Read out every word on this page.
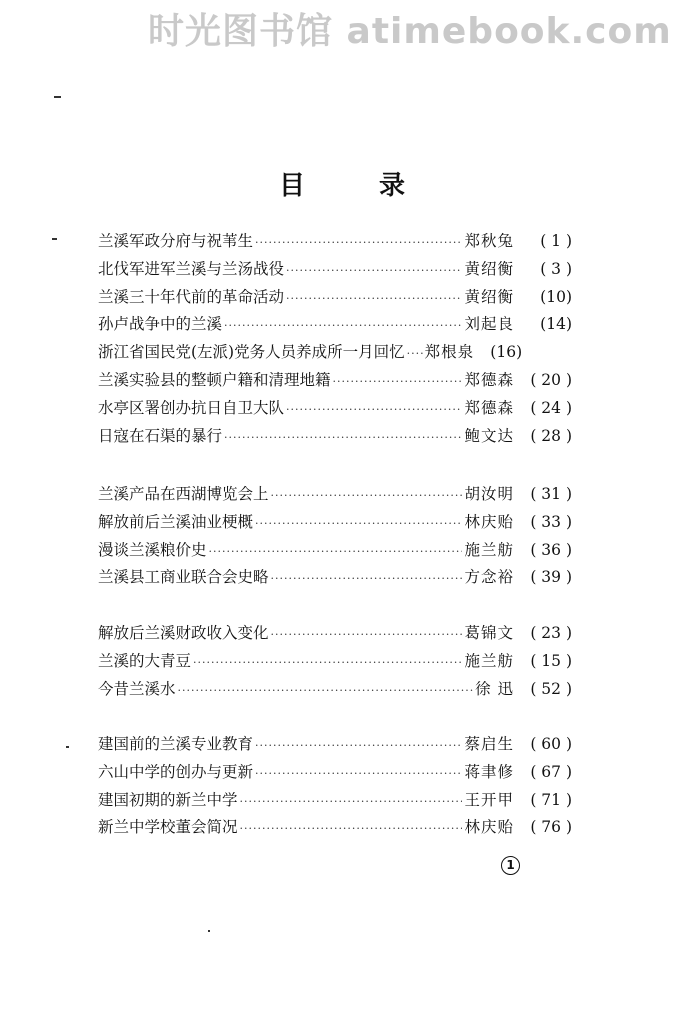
时光图书馆 atimebook.com
目	录
兰溪军政分府与祝苇生 ·····	郑秋兔	( 1 )
北伐军进军兰溪与兰汤战役 ·····	黄绍衡	( 3 )
兰溪三十年代前的革命活动 ·····	黄绍衡	(10)
孙卢战争中的兰溪 ·····	刘起良	(14)
浙江省国民党(左派)党务人员养成所一月回忆 ····· 郑根泉	(16)
兰溪实验县的整顿户籍和清理地籍 ·····	郑德森	( 20 )
水亭区署创办抗日自卫大队 ·····	郑德森	( 24 )
日寇在石渠的暴行 ·····	鲍文达	( 28 )
兰溪产品在西湖博览会上 ·····	胡汝明	( 31 )
解放前后兰溪油业梗概 ·····	林庆贻	( 33 )
漫谈兰溪粮价史 ·····	施兰舫	( 36 )
兰溪县工商业联合会史略 ·····	方念裕	( 39 )
解放后兰溪财政收入变化 ·····	葛锦文	( 23 )
兰溪的大青豆 ·····	施兰舫	( 15 )
今昔兰溪水 ·····	徐 迅	( 52 )
建国前的兰溪专业教育 ·····	蔡启生	( 60 )
六山中学的创办与更新 ·····	蒋聿修	( 67 )
建国初期的新兰中学 ·····	王开甲	( 71 )
新兰中学校董会简况 ·····	林庆贻	( 76 )
1
